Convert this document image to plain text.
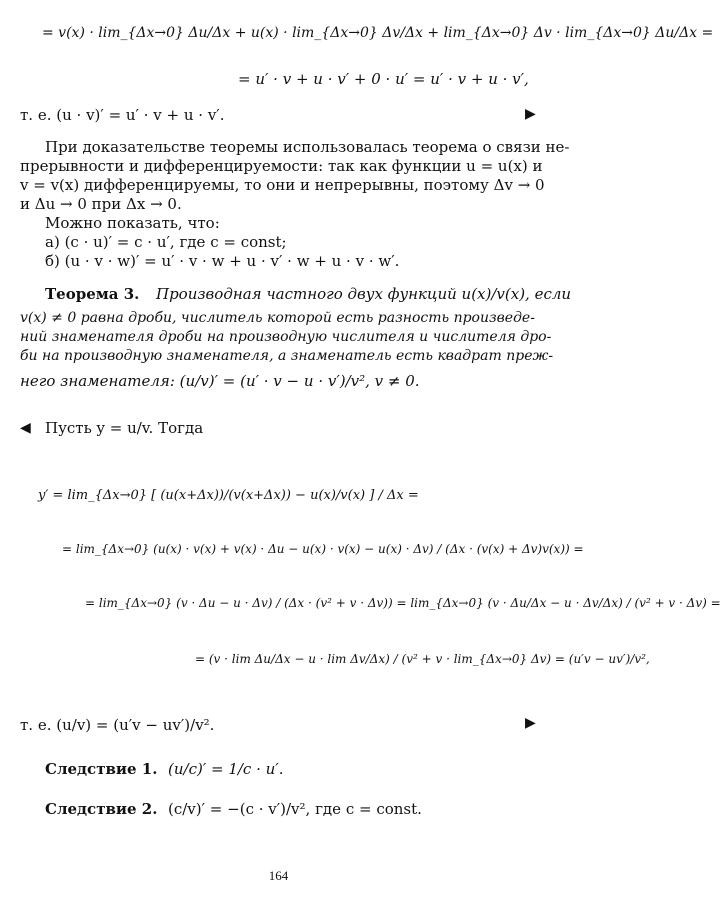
= v(x) · lim_{Δx→0} Δu/Δx + u(x) · lim_{Δx→0} Δv/Δx + lim_{Δx→0} Δv · lim_{Δx→0} Δu/Δx =
= u′ · v + u · v′ + 0 · u′ = u′ · v + u · v′,
т. е. (u · v)′ = u′ · v + u · v′.	▶
При доказательстве теоремы использовалась теорема о связи не-
прерывности и дифференцируемости: так как функции u = u(x) и
v = v(x) дифференцируемы, то они и непрерывны, поэтому Δv → 0
и Δu → 0 при Δx → 0.
Можно показать, что:
а) (c · u)′ = c · u′, где c = const;
б) (u · v · w)′ = u′ · v · w + u · v′ · w + u · v · w′.
Теорема 3. Производная частного двух функций u(x)/v(x), если
v(x) ≠ 0 равна дроби, числитель которой есть разность произведе-
ний знаменателя дроби на производную числителя и числителя дро-
би на производную знаменателя, а знаменатель есть квадрат преж-
него знаменателя: (u/v)′ = (u′ · v − u · v′)/v², v ≠ 0.
◀ Пусть y = u/v. Тогда
y′ = lim_{Δx→0} [ (u(x+Δx))/(v(x+Δx)) − u(x)/v(x) ] / Δx =
= lim_{Δx→0} (u(x) · v(x) + v(x) · Δu − u(x) · v(x) − u(x) · Δv) / (Δx · (v(x) + Δv)v(x)) =
= lim_{Δx→0} (v · Δu − u · Δv) / (Δx · (v² + v · Δv)) = lim_{Δx→0} (v · Δu/Δx − u · Δv/Δx) / (v² + v · Δv) =
= (v · lim Δu/Δx − u · lim Δv/Δx) / (v² + v · lim_{Δx→0} Δv) = (u′v − uv′)/v²,
т. е. (u/v) = (u′v − uv′)/v².	▶
Следствие 1. (u/c)′ = 1/c · u′.
Следствие 2. (c/v)′ = −(c · v′)/v², где c = const.
164
